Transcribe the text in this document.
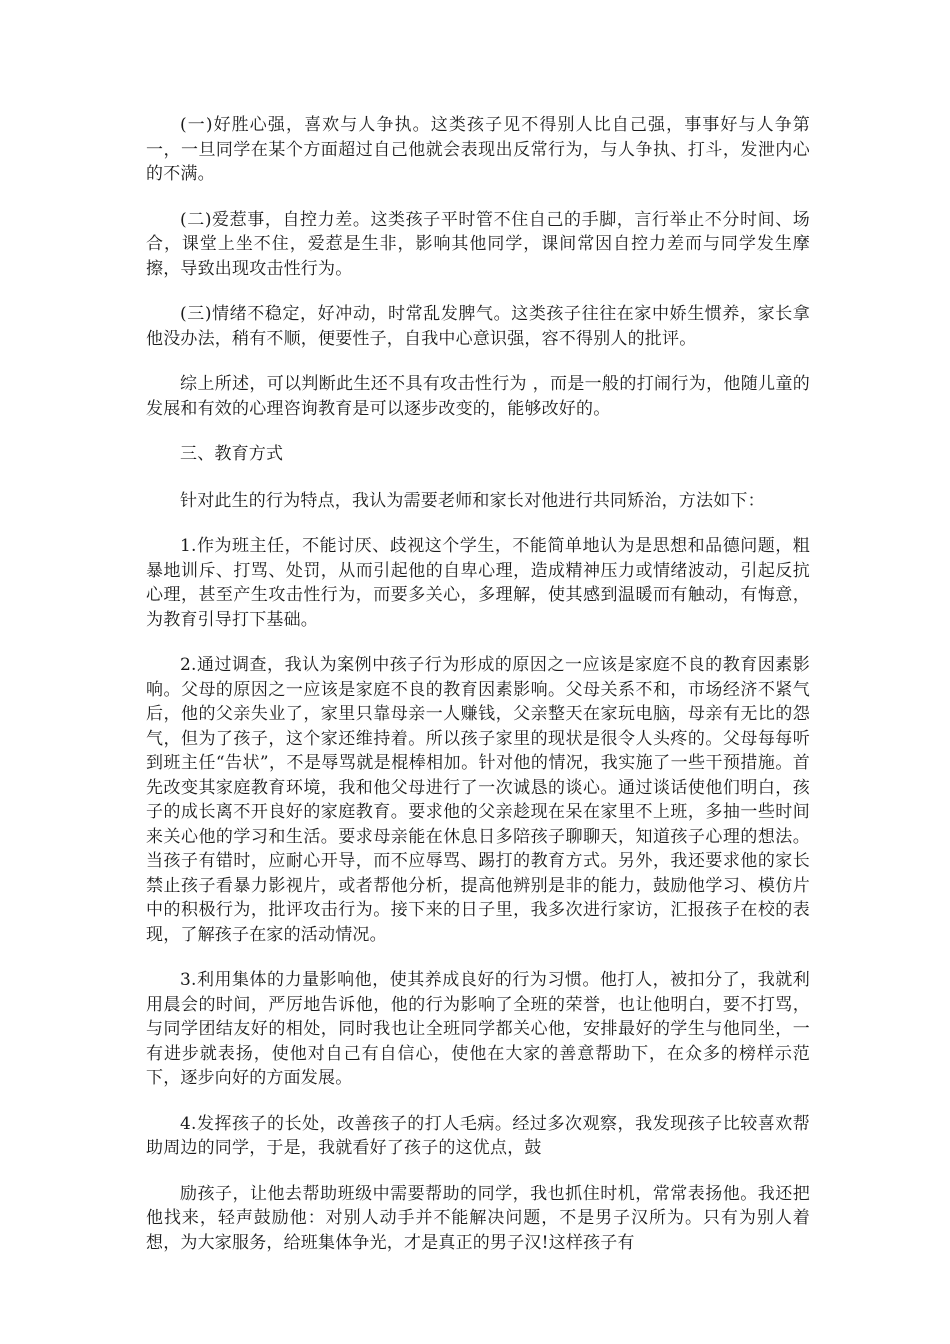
(一)好胜心强，喜欢与人争执。这类孩子见不得别人比自己强，事事好与人争第一，一旦同学在某个方面超过自己他就会表现出反常行为，与人争执、打斗，发泄内心的不满。

(二)爱惹事，自控力差。这类孩子平时管不住自己的手脚，言行举止不分时间、场合，课堂上坐不住，爱惹是生非，影响其他同学，课间常因自控力差而与同学发生摩擦，导致出现攻击性行为。

(三)情绪不稳定，好冲动，时常乱发脾气。这类孩子往往在家中娇生惯养，家长拿他没办法，稍有不顺，便要性子，自我中心意识强，容不得别人的批评。

综上所述，可以判断此生还不具有攻击性行为 ，而是一般的打闹行为，他随儿童的发展和有效的心理咨询教育是可以逐步改变的，能够改好的。

三、教育方式

针对此生的行为特点，我认为需要老师和家长对他进行共同矫治，方法如下：

1.作为班主任，不能讨厌、歧视这个学生，不能简单地认为是思想和品德问题，粗暴地训斥、打骂、处罚，从而引起他的自卑心理，造成精神压力或情绪波动，引起反抗心理，甚至产生攻击性行为，而要多关心，多理解，使其感到温暖而有触动，有悔意，为教育引导打下基础。

2.通过调查，我认为案例中孩子行为形成的原因之一应该是家庭不良的教育因素影响。父母的原因之一应该是家庭不良的教育因素影响。父母关系不和，市场经济不紧气后，他的父亲失业了，家里只靠母亲一人赚钱，父亲整天在家玩电脑，母亲有无比的怨气，但为了孩子，这个家还维持着。所以孩子家里的现状是很令人头疼的。父母每每听到班主任“告状”，不是辱骂就是棍棒相加。针对他的情况，我实施了一些干预措施。首先改变其家庭教育环境，我和他父母进行了一次诚恳的谈心。通过谈话使他们明白，孩子的成长离不开良好的家庭教育。要求他的父亲趁现在呆在家里不上班，多抽一些时间来关心他的学习和生活。要求母亲能在休息日多陪孩子聊聊天，知道孩子心理的想法。当孩子有错时，应耐心开导，而不应辱骂、踢打的教育方式。另外，我还要求他的家长禁止孩子看暴力影视片，或者帮他分析，提高他辨别是非的能力，鼓励他学习、模仿片中的积极行为，批评攻击行为。接下来的日子里，我多次进行家访，汇报孩子在校的表现，了解孩子在家的活动情况。

3.利用集体的力量影响他，使其养成良好的行为习惯。他打人，被扣分了，我就利用晨会的时间，严厉地告诉他，他的行为影响了全班的荣誉，也让他明白，要不打骂，与同学团结友好的相处，同时我也让全班同学都关心他，安排最好的学生与他同坐，一有进步就表扬，使他对自己有自信心，使他在大家的善意帮助下，在众多的榜样示范下，逐步向好的方面发展。

4.发挥孩子的长处，改善孩子的打人毛病。经过多次观察，我发现孩子比较喜欢帮助周边的同学，于是，我就看好了孩子的这优点，鼓

励孩子，让他去帮助班级中需要帮助的同学，我也抓住时机，常常表扬他。我还把他找来，轻声鼓励他：对别人动手并不能解决问题，不是男子汉所为。只有为别人着想，为大家服务，给班集体争光，才是真正的男子汉!这样孩子有
